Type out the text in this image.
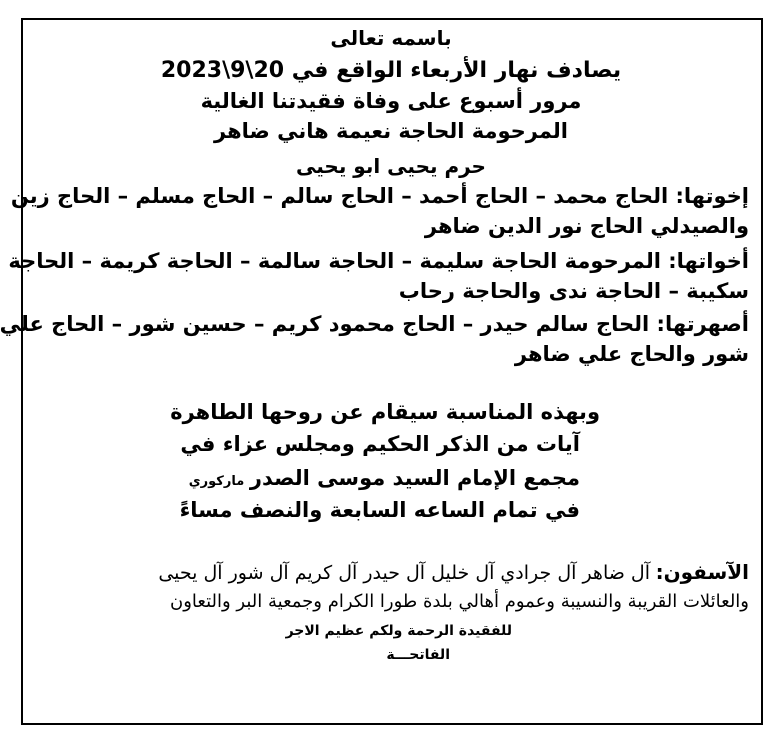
باسمه تعالى
يصادف نهار الأربعاء الواقع في 20\9\2023
مرور أسبوع على وفاة فقيدتنا الغالية
المرحومة الحاجة نعيمة هاني ضاهر
حرم يحيى ابو يحيى
إخوتها: الحاج محمد – الحاج أحمد – الحاج سالم – الحاج مسلم – الحاج زين
والصيدلي الحاج نور الدين ضاهر
أخواتها: المرحومة الحاجة سليمة – الحاجة سالمة – الحاجة كريمة – الحاجة
سكيبة – الحاجة ندى والحاجة رحاب
أصهرتها: الحاج سالم حيدر – الحاج محمود كريم – حسين شور – الحاج علي
شور والحاج علي ضاهر
وبهذه المناسبة سيقام عن روحها الطاهرة
آيات من الذكر الحكيم ومجلس عزاء في
مجمع الإمام السيد موسى الصدر ماركوري
في تمام الساعه السابعة والنصف مساءً
الآسفون: آل ضاهر آل جرادي آل خليل آل حيدر آل كريم آل شور آل يحيى
والعائلات القريبة والنسيبة وعموم أهالي بلدة طورا الكرام وجمعية البر والتعاون
للفقيدة الرحمة ولكم عظيم الاجر
الفاتحـــة
